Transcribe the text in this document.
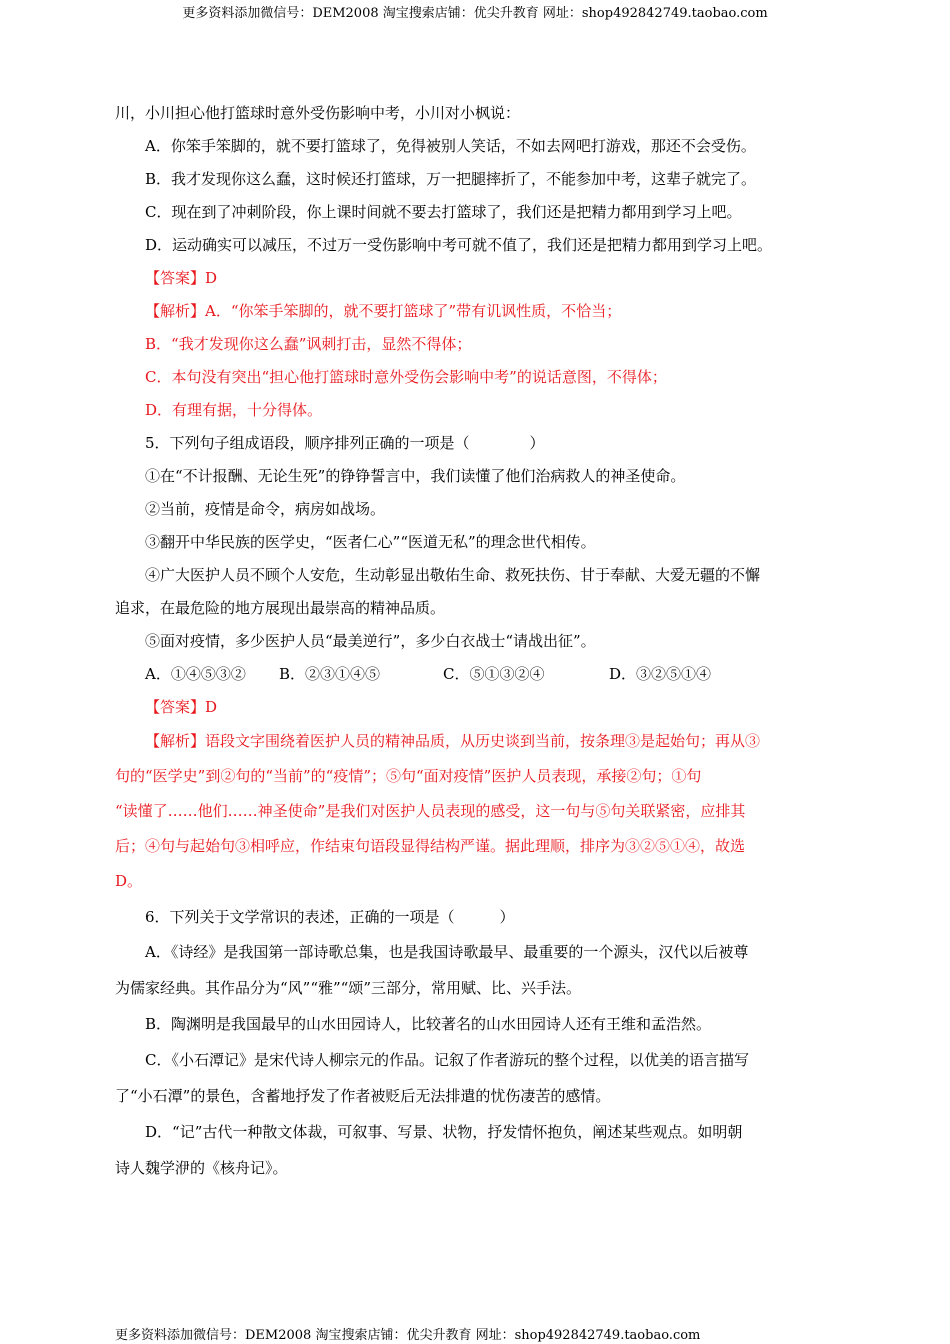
更多资料添加微信号：DEM2008 淘宝搜索店铺：优尖升教育 网址：shop492842749.taobao.com

川，小川担心他打篮球时意外受伤影响中考，小川对小枫说：

A．你笨手笨脚的，就不要打篮球了，免得被别人笑话，不如去网吧打游戏，那还不会受伤。

B．我才发现你这么蠢，这时候还打篮球，万一把腿摔折了，不能参加中考，这辈子就完了。

C．现在到了冲刺阶段，你上课时间就不要去打篮球了，我们还是把精力都用到学习上吧。

D．运动确实可以减压，不过万一受伤影响中考可就不值了，我们还是把精力都用到学习上吧。

【答案】D

【解析】A．“你笨手笨脚的，就不要打篮球了”带有讥讽性质，不恰当；

B．“我才发现你这么蠢”讽刺打击，显然不得体；

C．本句没有突出“担心他打篮球时意外受伤会影响中考”的说话意图，不得体；

D．有理有据，十分得体。

5．下列句子组成语段，顺序排列正确的一项是（　　　　）

①在“不计报酬、无论生死”的铮铮誓言中，我们读懂了他们治病救人的神圣使命。

②当前，疫情是命令，病房如战场。

③翻开中华民族的医学史，“医者仁心”“医道无私”的理念世代相传。

④广大医护人员不顾个人安危，生动彰显出敬佑生命、救死扶伤、甘于奉献、大爱无疆的不懈

追求，在最危险的地方展现出最崇高的精神品质。

⑤面对疫情，多少医护人员“最美逆行”，多少白衣战士“请战出征”。

A．①④⑤③②	B．②③①④⑤	C．⑤①③②④	D．③②⑤①④

【答案】D

【解析】语段文字围绕着医护人员的精神品质，从历史谈到当前，按条理③是起始句；再从③

句的“医学史”到②句的“当前”的“疫情”；⑤句“面对疫情”医护人员表现，承接②句；①句

“读懂了……他们……神圣使命”是我们对医护人员表现的感受，这一句与⑤句关联紧密，应排其

后；④句与起始句③相呼应，作结束句语段显得结构严谨。据此理顺，排序为③②⑤①④，故选

D。

6．下列关于文学常识的表述，正确的一项是（　　　）

A．《诗经》是我国第一部诗歌总集，也是我国诗歌最早、最重要的一个源头，汉代以后被尊

为儒家经典。其作品分为“风”“雅”“颂”三部分，常用赋、比、兴手法。

B．陶渊明是我国最早的山水田园诗人，比较著名的山水田园诗人还有王维和孟浩然。

C．《小石潭记》是宋代诗人柳宗元的作品。记叙了作者游玩的整个过程，以优美的语言描写

了“小石潭”的景色，含蓄地抒发了作者被贬后无法排遣的忧伤凄苦的感情。

D．“记”古代一种散文体裁，可叙事、写景、状物，抒发情怀抱负，阐述某些观点。如明朝

诗人魏学洢的《核舟记》。

更多资料添加微信号：DEM2008 淘宝搜索店铺：优尖升教育 网址：shop492842749.taobao.com
